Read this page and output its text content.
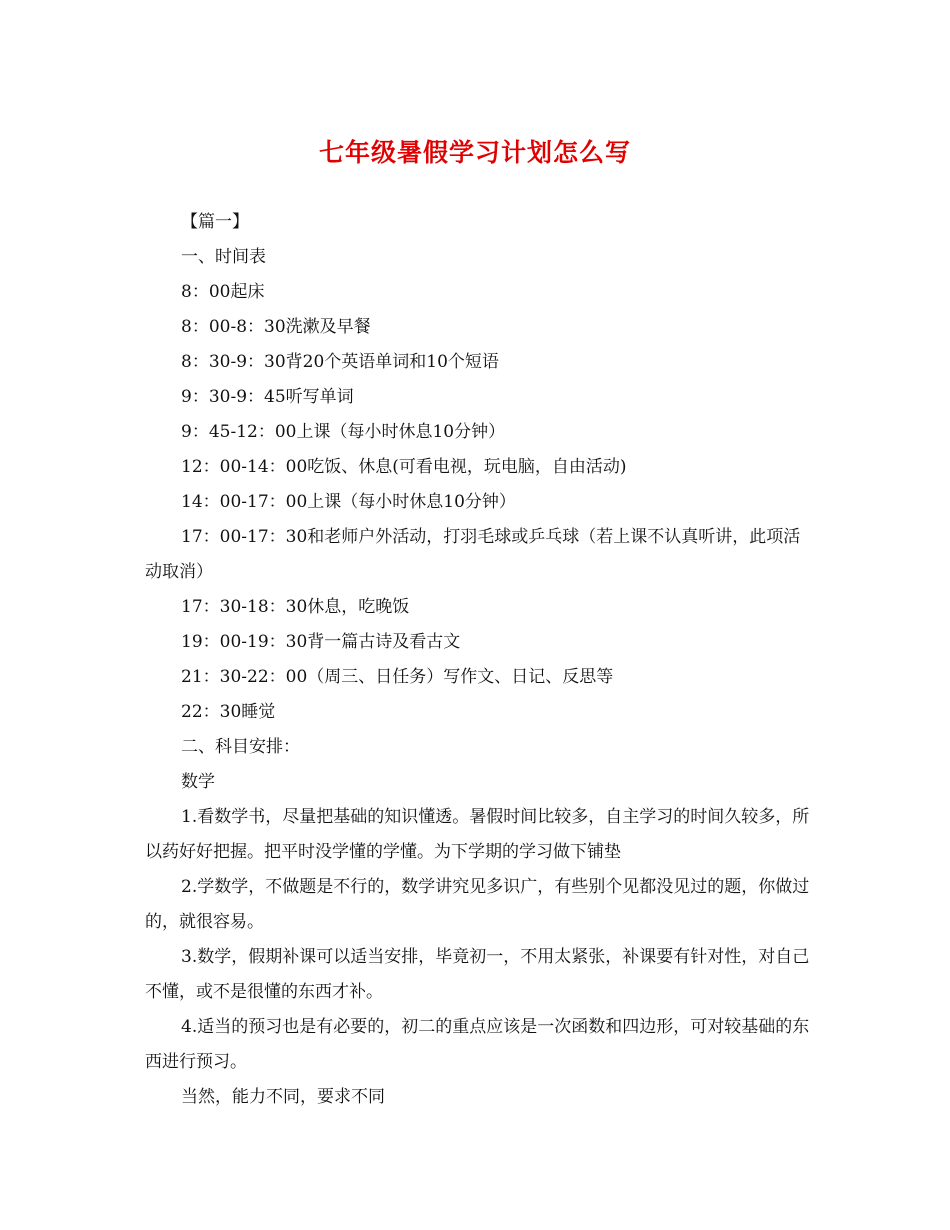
七年级暑假学习计划怎么写

【篇一】

一、时间表

8：00起床

8：00-8：30洗漱及早餐

8：30-9：30背20个英语单词和10个短语

9：30-9：45听写单词

9：45-12：00上课（每小时休息10分钟）

12：00-14：00吃饭、休息(可看电视，玩电脑，自由活动)

14：00-17：00上课（每小时休息10分钟）

17：00-17：30和老师户外活动，打羽毛球或乒乓球（若上课不认真听讲，此项活动取消）

17：30-18：30休息，吃晚饭

19：00-19：30背一篇古诗及看古文

21：30-22：00（周三、日任务）写作文、日记、反思等

22：30睡觉

二、科目安排：

数学

1.看数学书，尽量把基础的知识懂透。暑假时间比较多，自主学习的时间久较多，所以药好好把握。把平时没学懂的学懂。为下学期的学习做下铺垫

2.学数学，不做题是不行的，数学讲究见多识广，有些别个见都没见过的题，你做过的，就很容易。

3.数学，假期补课可以适当安排，毕竟初一，不用太紧张，补课要有针对性，对自己不懂，或不是很懂的东西才补。

4.适当的预习也是有必要的，初二的重点应该是一次函数和四边形，可对较基础的东西进行预习。

当然，能力不同，要求不同
